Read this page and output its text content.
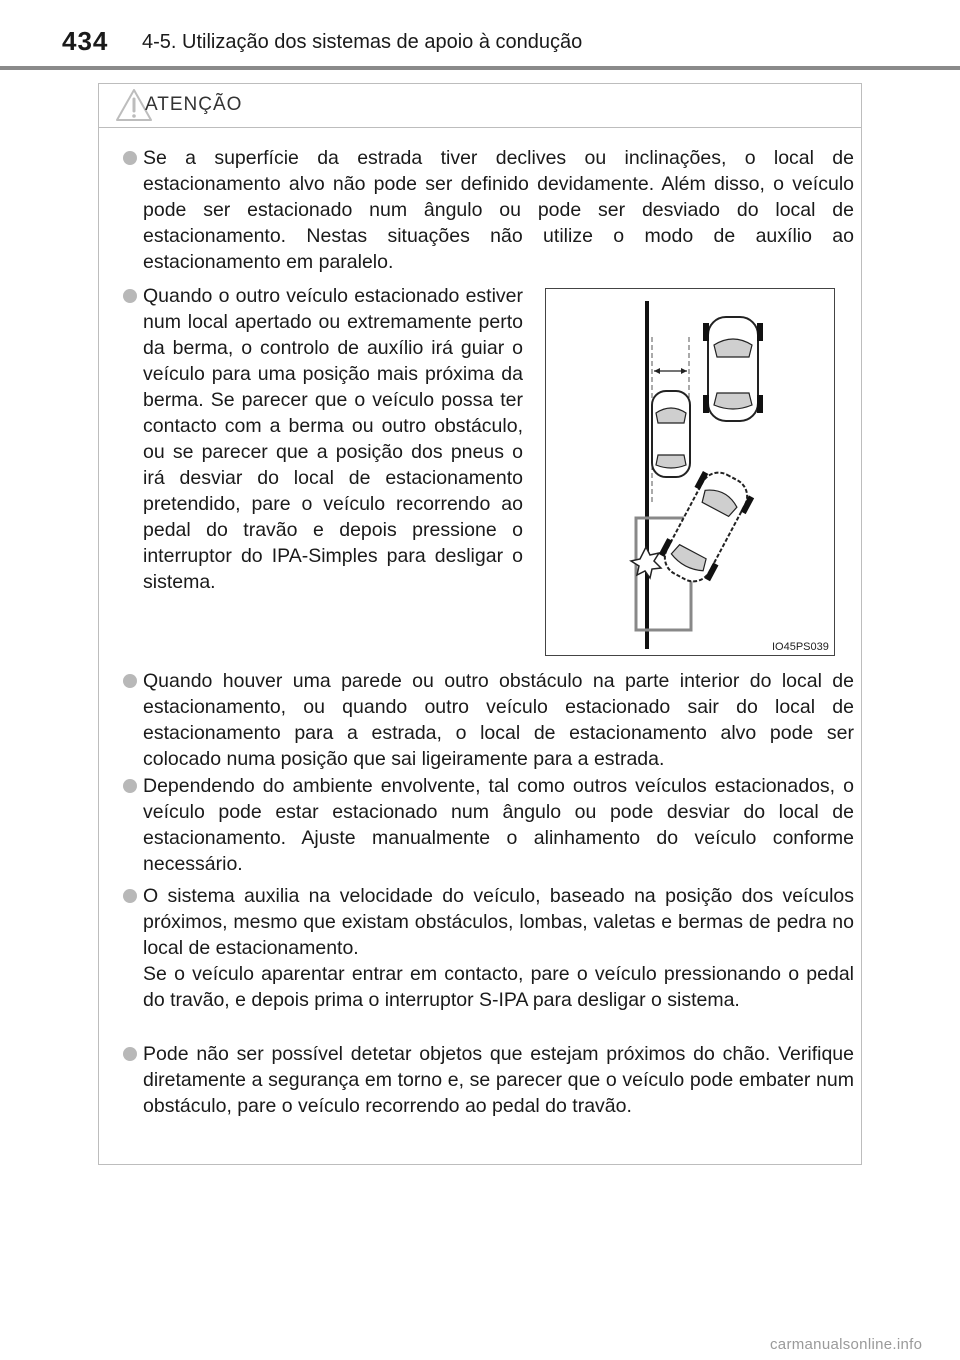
434 4-5. Utilização dos sistemas de apoio à condução
ATENÇÃO

Se a superfície da estrada tiver declives ou inclinações, o local de estacionamento alvo não pode ser definido devidamente. Além disso, o veículo pode ser estacionado num ângulo ou pode ser desviado do local de estacionamento. Nestas situações não utilize o modo de auxílio ao estacionamento em paralelo.

Quando o outro veículo estacionado estiver num local apertado ou extremamente perto da berma, o controlo de auxílio irá guiar o veículo para uma posição mais próxima da berma. Se parecer que o veículo possa ter contacto com a berma ou outro obstáculo, ou se parecer que a posição dos pneus o irá desviar do local de estacionamento pretendido, pare o veículo recorrendo ao pedal do travão e depois pressione o interruptor do IPA-Simples para desligar o sistema.

IO45PS039

Quando houver uma parede ou outro obstáculo na parte interior do local de estacionamento, ou quando outro veículo estacionado sair do local de estacionamento para a estrada, o local de estacionamento alvo pode ser colocado numa posição que sai ligeiramente para a estrada.

Dependendo do ambiente envolvente, tal como outros veículos estacionados, o veículo pode estar estacionado num ângulo ou pode desviar do local de estacionamento. Ajuste manualmente o alinhamento do veículo conforme necessário.

O sistema auxilia na velocidade do veículo, baseado na posição dos veículos próximos, mesmo que existam obstáculos, lombas, valetas e bermas de pedra no local de estacionamento.

Se o veículo aparentar entrar em contacto, pare o veículo pressionando o pedal do travão, e depois prima o interruptor S-IPA para desligar o sistema.

Pode não ser possível detetar objetos que estejam próximos do chão. Verifique diretamente a segurança em torno e, se parecer que o veículo pode embater num obstáculo, pare o veículo recorrendo ao pedal do travão.

carmanualsonline.info
